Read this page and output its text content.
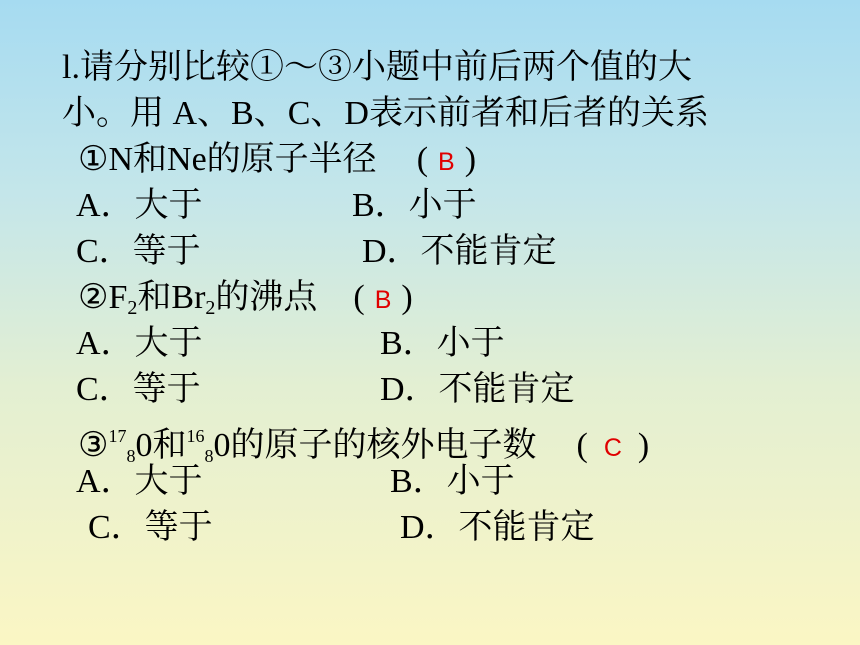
l.请分别比较①～③小题中前后两个值的大
小。用 A、B、C、D表示前者和后者的关系
①N和Ne的原子半径 ( B )
A．大于	B．小于
C．等于	D．不能肯定
$②F_2$和$Br_2$的沸点 ( B )
A．大于	B．小于
C．等于	D．不能肯定
③$^{17}$80和$^{16}$80的原子的核外电子数 ( C )
A．大于	B．小于
C．等于	D．不能肯定
